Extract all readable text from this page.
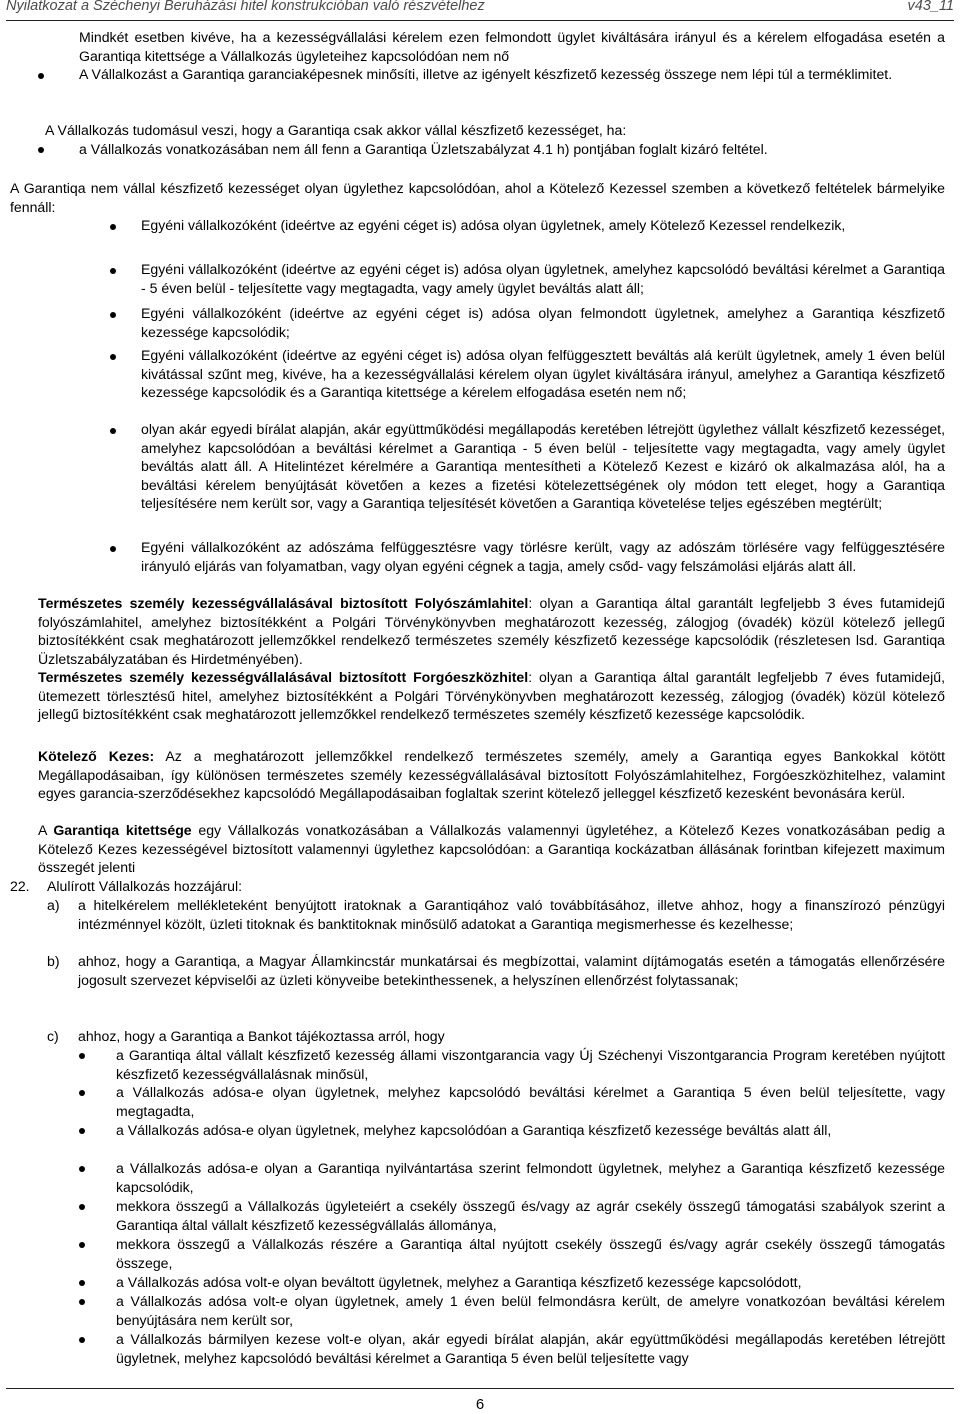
Nyilatkozat a Széchenyi Beruházási hitel konstrukcióban való részvételhez	v43_11
Mindkét esetben kivéve, ha a kezességvállalási kérelem ezen felmondott ügylet kiváltására irányul és a kérelem elfogadása esetén a Garantiqa kitettsége a Vállalkozás ügyleteihez kapcsolódóan nem nő
A Vállalkozást a Garantiqa garanciaképesnek minősíti, illetve az igényelt készfizető kezesség összege nem lépi túl a terméklimitet.
A Vállalkozás tudomásul veszi, hogy a Garantiqa csak akkor vállal készfizető kezességet, ha:
a Vállalkozás vonatkozásában nem áll fenn a Garantiqa Üzletszabályzat 4.1 h) pontjában foglalt kizáró feltétel.
A Garantiqa nem vállal készfizető kezességet olyan ügylethez kapcsolódóan, ahol a Kötelező Kezessel szemben a következő feltételek bármelyike fennáll:
Egyéni vállalkozóként (ideértve az egyéni céget is) adósa olyan ügyletnek, amely Kötelező Kezessel rendelkezik,
Egyéni vállalkozóként (ideértve az egyéni céget is) adósa olyan ügyletnek, amelyhez kapcsolódó beváltási kérelmet a Garantiqa - 5 éven belül - teljesítette vagy megtagadta, vagy amely ügylet beváltás alatt áll;
Egyéni vállalkozóként (ideértve az egyéni céget is) adósa olyan felmondott ügyletnek, amelyhez a Garantiqa készfizető kezessége kapcsolódik;
Egyéni vállalkozóként (ideértve az egyéni céget is) adósa olyan felfüggesztett beváltás alá került ügyletnek, amely 1 éven belül kivátással szűnt meg, kivéve, ha a kezességvállalási kérelem olyan ügylet kiváltására irányul, amelyhez a Garantiqa készfizető kezessége kapcsolódik és a Garantiqa kitettsége a kérelem elfogadása esetén nem nő;
olyan akár egyedi bírálat alapján, akár együttműködési megállapodás keretében létrejött ügylethez vállalt készfizető kezességet, amelyhez kapcsolódóan a beváltási kérelmet a Garantiqa - 5 éven belül - teljesítette vagy megtagadta, vagy amely ügylet beváltás alatt áll. A Hitelintézet kérelmére a Garantiqa mentesítheti a Kötelező Kezest e kizáró ok alkalmazása alól, ha a beváltási kérelem benyújtását követően a kezes a fizetési kötelezettségének oly módon tett eleget, hogy a Garantiqa teljesítésére nem került sor, vagy a Garantiqa teljesítését követően a Garantiqa követelése teljes egészében megtérült;
Egyéni vállalkozóként az adószáma felfüggesztésre vagy törlésre került, vagy az adószám törlésére vagy felfüggesztésére irányuló eljárás van folyamatban, vagy olyan egyéni cégnek a tagja, amely csőd- vagy felszámolási eljárás alatt áll.
Természetes személy kezességvállalásával biztosított Folyószámlahitel: olyan a Garantiqa által garantált legfeljebb 3 éves futamidejű folyószámlahitel, amelyhez biztosítékként a Polgári Törvénykönyvben meghatározott kezesség, zálogjog (óvadék) közül kötelező jellegű biztosítékként csak meghatározott jellemzőkkel rendelkező természetes személy készfizető kezessége kapcsolódik (részletesen lsd. Garantiqa Üzletszabályzatában és Hirdetményében).
Természetes személy kezességvállalásával biztosított Forgóeszközhitel: olyan a Garantiqa által garantált legfeljebb 7 éves futamidejű, ütemezett törlesztésű hitel, amelyhez biztosítékként a Polgári Törvénykönyvben meghatározott kezesség, zálogjog (óvadék) közül kötelező jellegű biztosítékként csak meghatározott jellemzőkkel rendelkező természetes személy készfizető kezessége kapcsolódik.
Kötelező Kezes: Az a meghatározott jellemzőkkel rendelkező természetes személy, amely a Garantiqa egyes Bankokkal kötött Megállapodásaiban, így különösen természetes személy kezességvállalásával biztosított Folyószámlahitelhez, Forgóeszközhitelhez, valamint egyes garancia-szerződésekhez kapcsolódó Megállapodásaiban foglaltak szerint kötelező jelleggel készfizető kezesként bevonására kerül.
A Garantiqa kitettsége egy Vállalkozás vonatkozásában a Vállalkozás valamennyi ügyletéhez, a Kötelező Kezes vonatkozásában pedig a Kötelező Kezes kezességével biztosított valamennyi ügylethez kapcsolódóan: a Garantiqa kockázatban állásának forintban kifejezett maximum összegét jelenti
22. Alulírott Vállalkozás hozzájárul:
a) a hitelkérelem mellékleteként benyújtott iratoknak a Garantiqához való továbbításához, illetve ahhoz, hogy a finanszírozó pénzügyi intézménnyel közölt, üzleti titoknak és banktitoknak minősülő adatokat a Garantiqa megismerhesse és kezelhesse;
b) ahhoz, hogy a Garantiqa, a Magyar Államkincstár munkatársai és megbízottai, valamint díjtámogatás esetén a támogatás ellenőrzésére jogosult szervezet képviselői az üzleti könyveibe betekinthessenek, a helyszínen ellenőrzést folytassanak;
c) ahhoz, hogy a Garantiqa a Bankot tájékoztassa arról, hogy
a Garantiqa által vállalt készfizető kezesség állami viszontgarancia vagy Új Széchenyi Viszontgarancia Program keretében nyújtott készfizető kezességvállalásnak minősül,
a Vállalkozás adósa-e olyan ügyletnek, melyhez kapcsolódó beváltási kérelmet a Garantiqa 5 éven belül teljesítette, vagy megtagadta,
a Vállalkozás adósa-e olyan ügyletnek, melyhez kapcsolódóan a Garantiqa készfizető kezessége beváltás alatt áll,
a Vállalkozás adósa-e olyan a Garantiqa nyilvántartása szerint felmondott ügyletnek, melyhez a Garantiqa készfizető kezessége kapcsolódik,
mekkora összegű a Vállalkozás ügyleteiért a csekély összegű és/vagy az agrár csekély összegű támogatási szabályok szerint a Garantiqa által vállalt készfizető kezességvállalás állománya,
mekkora összegű a Vállalkozás részére a Garantiqa által nyújtott csekély összegű és/vagy agrár csekély összegű támogatás összege,
a Vállalkozás adósa volt-e olyan beváltott ügyletnek, melyhez a Garantiqa készfizető kezessége kapcsolódott,
a Vállalkozás adósa volt-e olyan ügyletnek, amely 1 éven belül felmondásra került, de amelyre vonatkozóan beváltási kérelem benyújtására nem került sor,
a Vállalkozás bármilyen kezese volt-e olyan, akár egyedi bírálat alapján, akár együttműködési megállapodás keretében létrejött ügyletnek, melyhez kapcsolódó beváltási kérelmet a Garantiqa 5 éven belül teljesítette vagy
6
